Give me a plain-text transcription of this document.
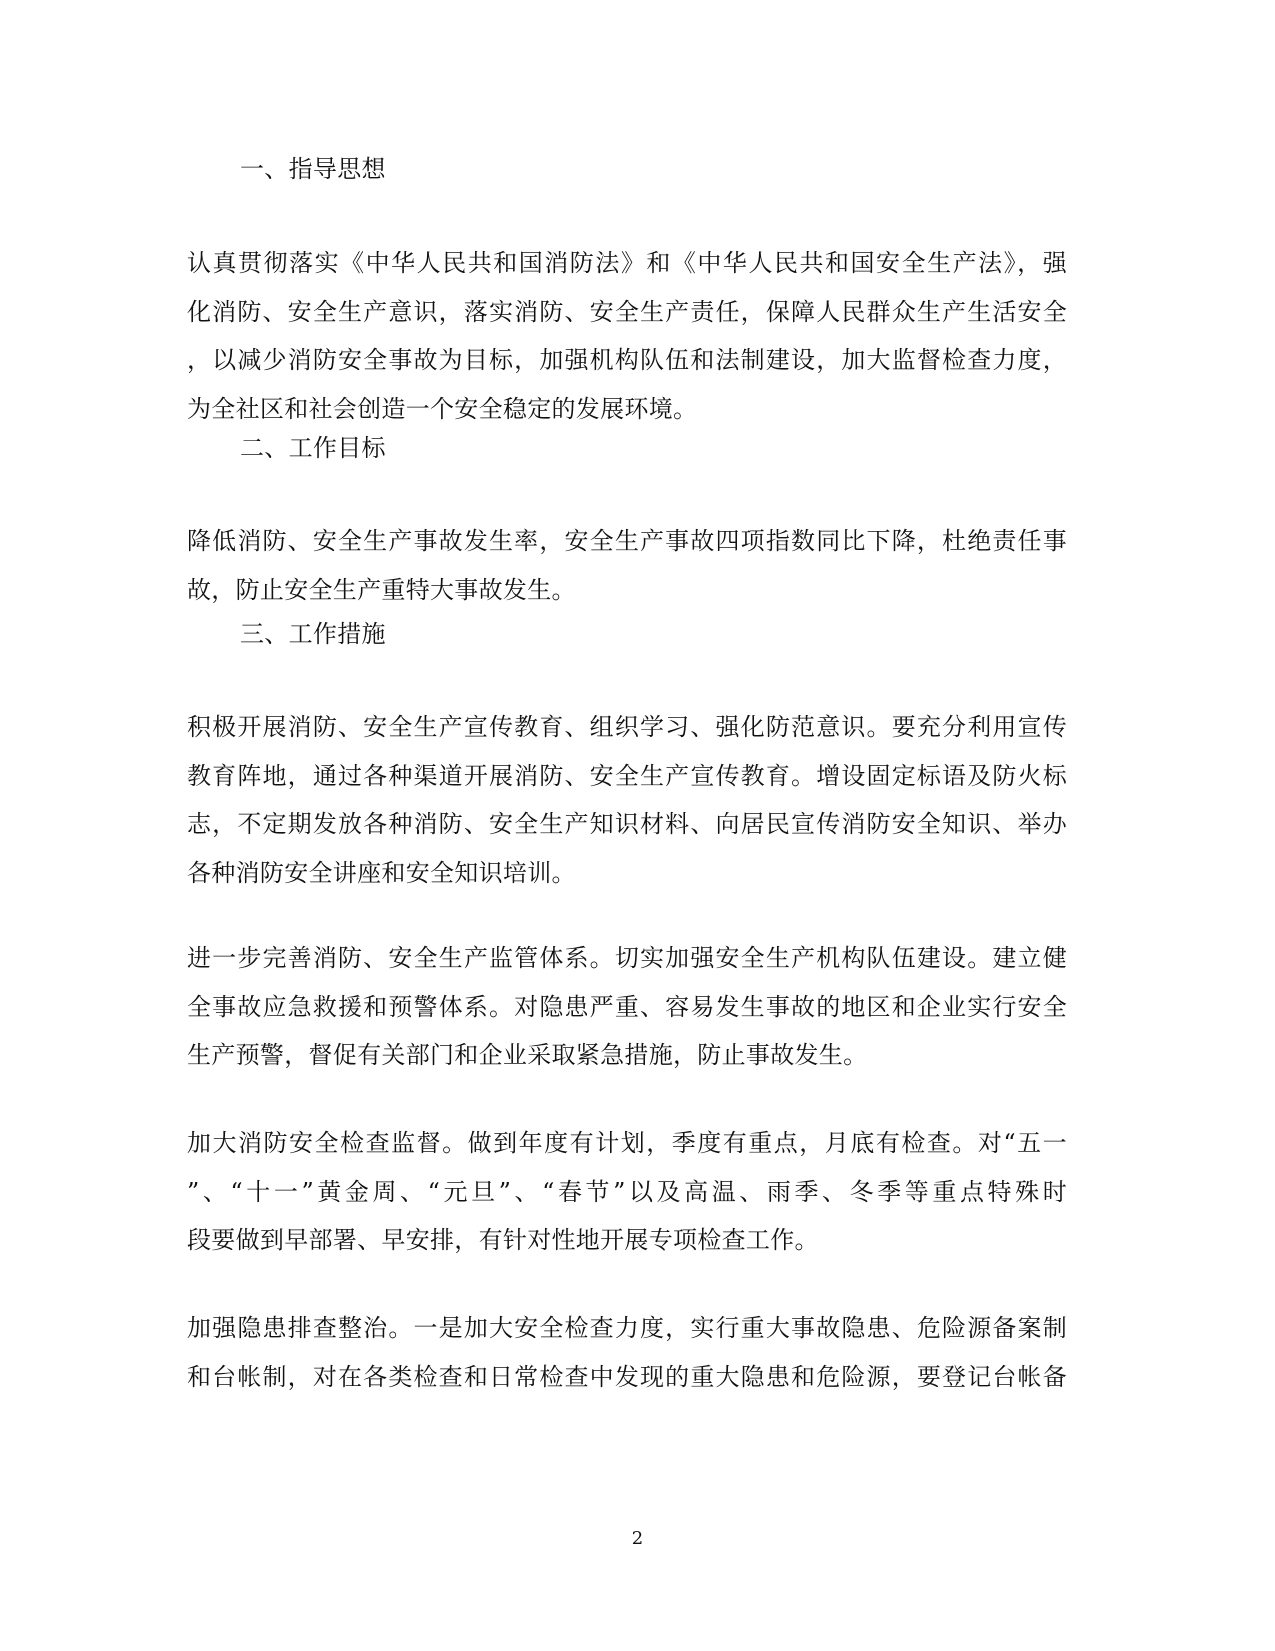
一、指导思想
认真贯彻落实《中华人民共和国消防法》和《中华人民共和国安全生产法》，强
化消防、安全生产意识，落实消防、安全生产责任，保障人民群众生产生活安全
，以减少消防安全事故为目标，加强机构队伍和法制建设，加大监督检查力度，
为全社区和社会创造一个安全稳定的发展环境。
二、工作目标
降低消防、安全生产事故发生率，安全生产事故四项指数同比下降，杜绝责任事
故，防止安全生产重特大事故发生。
三、工作措施
积极开展消防、安全生产宣传教育、组织学习、强化防范意识。要充分利用宣传
教育阵地，通过各种渠道开展消防、安全生产宣传教育。增设固定标语及防火标
志，不定期发放各种消防、安全生产知识材料、向居民宣传消防安全知识、举办
各种消防安全讲座和安全知识培训。
进一步完善消防、安全生产监管体系。切实加强安全生产机构队伍建设。建立健
全事故应急救援和预警体系。对隐患严重、容易发生事故的地区和企业实行安全
生产预警，督促有关部门和企业采取紧急措施，防止事故发生。
加大消防安全检查监督。做到年度有计划，季度有重点，月底有检查。对“五一
”、“十一”黄金周、“元旦”、“春节”以及高温、雨季、冬季等重点特殊时
段要做到早部署、早安排，有针对性地开展专项检查工作。
加强隐患排查整治。一是加大安全检查力度，实行重大事故隐患、危险源备案制
和台帐制，对在各类检查和日常检查中发现的重大隐患和危险源，要登记台帐备
2
